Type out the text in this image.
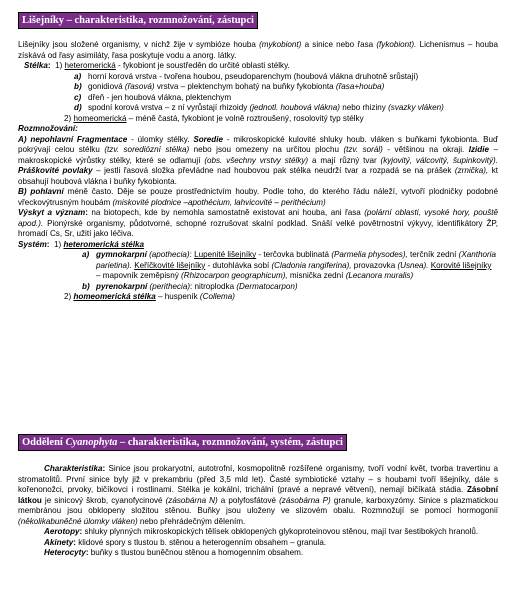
Lišejníky – charakteristika, rozmnožování, zástupci

Lišejníky jsou složené organismy, v nichž žije v symbióze houba (mykobiont) a sinice nebo řasa (fykobiont). Lichenismus – houba získává od řasy asimiláty, řasa poskytuje vodu a anorg. látky.

Stélka:  1) heteromerická - fykobiont je soustředěn do určité oblasti stélky.

a) horní korová vrstva - tvořena houbou, pseudoparenchym (houbová vlákna druhotně srůstají)
b) gonidiová (řasová) vrstva – plektenchym bohatý na buňky fykobionta (řasa+houba)
c) dřeň - jen houbová vlákna, plektenchym
d) spodní korová vrstva – z ní vyrůstají rhizoidy (jednotl. houbová vlákna) nebo rhiziny (svazky vláken)

2) homeomerická – méně častá, fykobiont je volně roztroušený, rosolovitý typ stélky

Rozmnožování:

A) nepohlavní Fragmentace - úlomky stélky. Soredie - mikroskopické kulovité shluky houb. vláken s buňkami fykobionta. Buď pokrývají celou stélku (tzv. sorediózní stélka) nebo jsou omezeny na určitou plochu (tzv. sorál) - většinou na okraji. Izidie – makroskopické výrůstky stélky, které se odlamují (obs. všechny vrstvy stélky) a mají různý tvar (kyjovitý, válcovitý, šupinkovitý). Práškovité povlaky – jestli řasová složka převládne nad houbovou pak stélka neudrží tvar a rozpadá se na prášek (zrnička), kt obsahují houbová vlákna i buňky fykobionta.

B) pohlavní méně často. Děje se pouze prostřednictvím houby. Podle toho, do kterého řádu náleží, vytvoří plodničky podobné vřeckovýtrusným houbám (miskovité plodnice –apothécium, lahvicovité – perithécium)

Výskyt a význam: na biotopech, kde by nemohla samostatně existovat ani houba, ani řasa (polární oblasti, vysoké hory, pouště apod.). Pionýrské organismy, půdotvorné, schopné rozrušovat skalní podklad. Snáší velké povětrnostní výkyvy, identifikátory ŽP, hromadí Cs, Sr, užití jako léčiva.

Systém:  1) heteromerická stélka

a) gymnokarpní (apothecia): Lupenité lišejníky - terčovka bublinatá (Parmelia physodes), terčník zední (Xanthoria parietina). Keříčkovité lišejníky - dutohlávka sobí (Cladonia rangiferina), provazovka (Usnea). Korovité lišejníky – mapovník zeměpisný (Rhizocarpon geographicum), misnička zední (Lecanora muralis)
b) pyrenokarpní (perithecia): nitroplodka (Dermatocarpon)

2) homeomerická stélka – huspeník (Collema)

Oddělení Cyanophyta – charakteristika, rozmnožování, systém, zástupci

Charakteristika: Sinice jsou prokaryotní, autotrofní, kosmopolitně rozšířené organismy, tvoří vodní květ, tvorba travertinu a stromatolitů. První sinice byly již v prekambriu (před 3,5 mld let). Časté symbiotické vztahy – s houbami tvoří lišejníky, dále s kořenonožci, prvoky, bičíkovci i rostlinami. Stélka je kokální, trichální (pravé a nepravé větvení), nemají bičíkatá stádia. Zásobní látkou je sinicový škrob, cyanofycinové (zásobárna N) a polyfosfátové (zásobárna P) granule, karboxyzómy. Sinice s plazmatickou membránou jsou obklopeny složitou stěnou. Buňky jsou uloženy ve slizovém obalu. Rozmnožují se pomocí hormogonií (několikabuněčné úlomky vláken) nebo přehrádečným dělením.

Aerotopy: shluky plynných mikroskopických tělísek obklopených glykoproteinovou stěnou, mají tvar šestibokých hranolů.

Akinety: klidové spory s tlustou b. stěnou a heterogenním obsahem – granula.

Heterocyty: buňky s tlustou buněčnou stěnou a homogenním obsahem.
